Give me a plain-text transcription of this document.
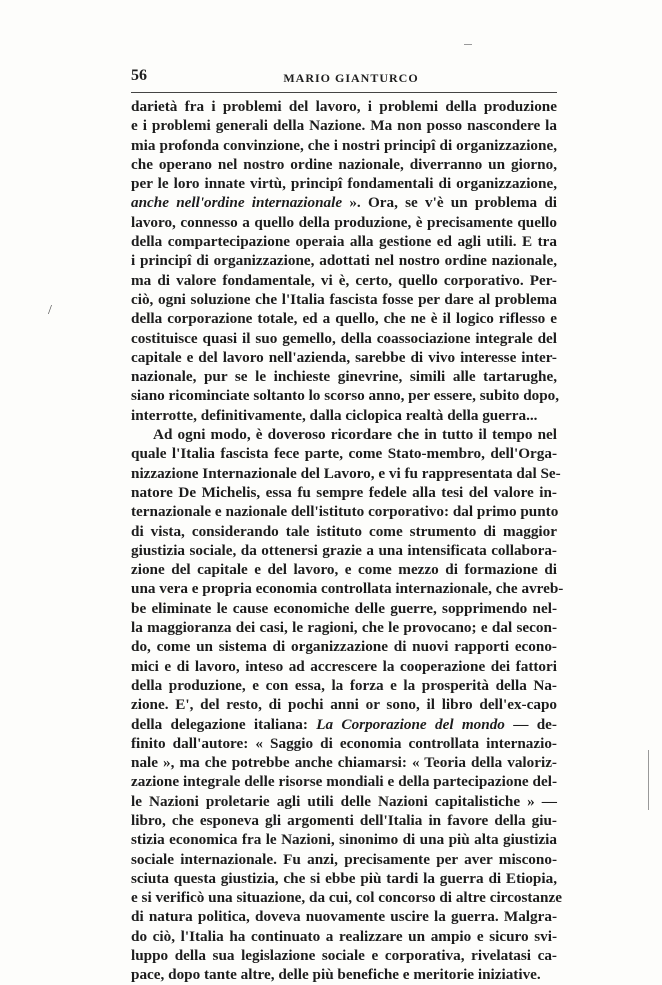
56	MARIO GIANTURCO
/
darietà fra i problemi del lavoro, i problemi della produzione
e i problemi generali della Nazione. Ma non posso nascondere la
mia profonda convinzione, che i nostri principî di organizzazione,
che operano nel nostro ordine nazionale, diverranno un giorno,
per le loro innate virtù, principî fondamentali di organizzazione,
anche nell'ordine internazionale ». Ora, se v'è un problema di
lavoro, connesso a quello della produzione, è precisamente quello
della compartecipazione operaia alla gestione ed agli utili. E tra
i principî di organizzazione, adottati nel nostro ordine nazionale,
ma di valore fondamentale, vi è, certo, quello corporativo. Per-
ciò, ogni soluzione che l'Italia fascista fosse per dare al problema
della corporazione totale, ed a quello, che ne è il logico riflesso e
costituisce quasi il suo gemello, della coassociazione integrale del
capitale e del lavoro nell'azienda, sarebbe di vivo interesse inter-
nazionale, pur se le inchieste ginevrine, simili alle tartarughe,
siano ricominciate soltanto lo scorso anno, per essere, subito dopo,
interrotte, definitivamente, dalla ciclopica realtà della guerra...
Ad ogni modo, è doveroso ricordare che in tutto il tempo nel
quale l'Italia fascista fece parte, come Stato-membro, dell'Orga-
nizzazione Internazionale del Lavoro, e vi fu rappresentata dal Se-
natore De Michelis, essa fu sempre fedele alla tesi del valore in-
ternazionale e nazionale dell'istituto corporativo: dal primo punto
di vista, considerando tale istituto come strumento di maggior
giustizia sociale, da ottenersi grazie a una intensificata collabora-
zione del capitale e del lavoro, e come mezzo di formazione di
una vera e propria economia controllata internazionale, che avreb-
be eliminate le cause economiche delle guerre, sopprimendo nel-
la maggioranza dei casi, le ragioni, che le provocano; e dal secon-
do, come un sistema di organizzazione di nuovi rapporti econo-
mici e di lavoro, inteso ad accrescere la cooperazione dei fattori
della produzione, e con essa, la forza e la prosperità della Na-
zione. E', del resto, di pochi anni or sono, il libro dell'ex-capo
della delegazione italiana: La Corporazione del mondo — de-
finito dall'autore: « Saggio di economia controllata internazio-
nale », ma che potrebbe anche chiamarsi: « Teoria della valoriz-
zazione integrale delle risorse mondiali e della partecipazione del-
le Nazioni proletarie agli utili delle Nazioni capitalistiche » —
libro, che esponeva gli argomenti dell'Italia in favore della giu-
stizia economica fra le Nazioni, sinonimo di una più alta giustizia
sociale internazionale. Fu anzi, precisamente per aver miscono-
sciuta questa giustizia, che si ebbe più tardi la guerra di Etiopia,
e si verificò una situazione, da cui, col concorso di altre circostanze
di natura politica, doveva nuovamente uscire la guerra. Malgra-
do ciò, l'Italia ha continuato a realizzare un ampio e sicuro svi-
luppo della sua legislazione sociale e corporativa, rivelatasi ca-
pace, dopo tante altre, delle più benefiche e meritorie iniziative.
